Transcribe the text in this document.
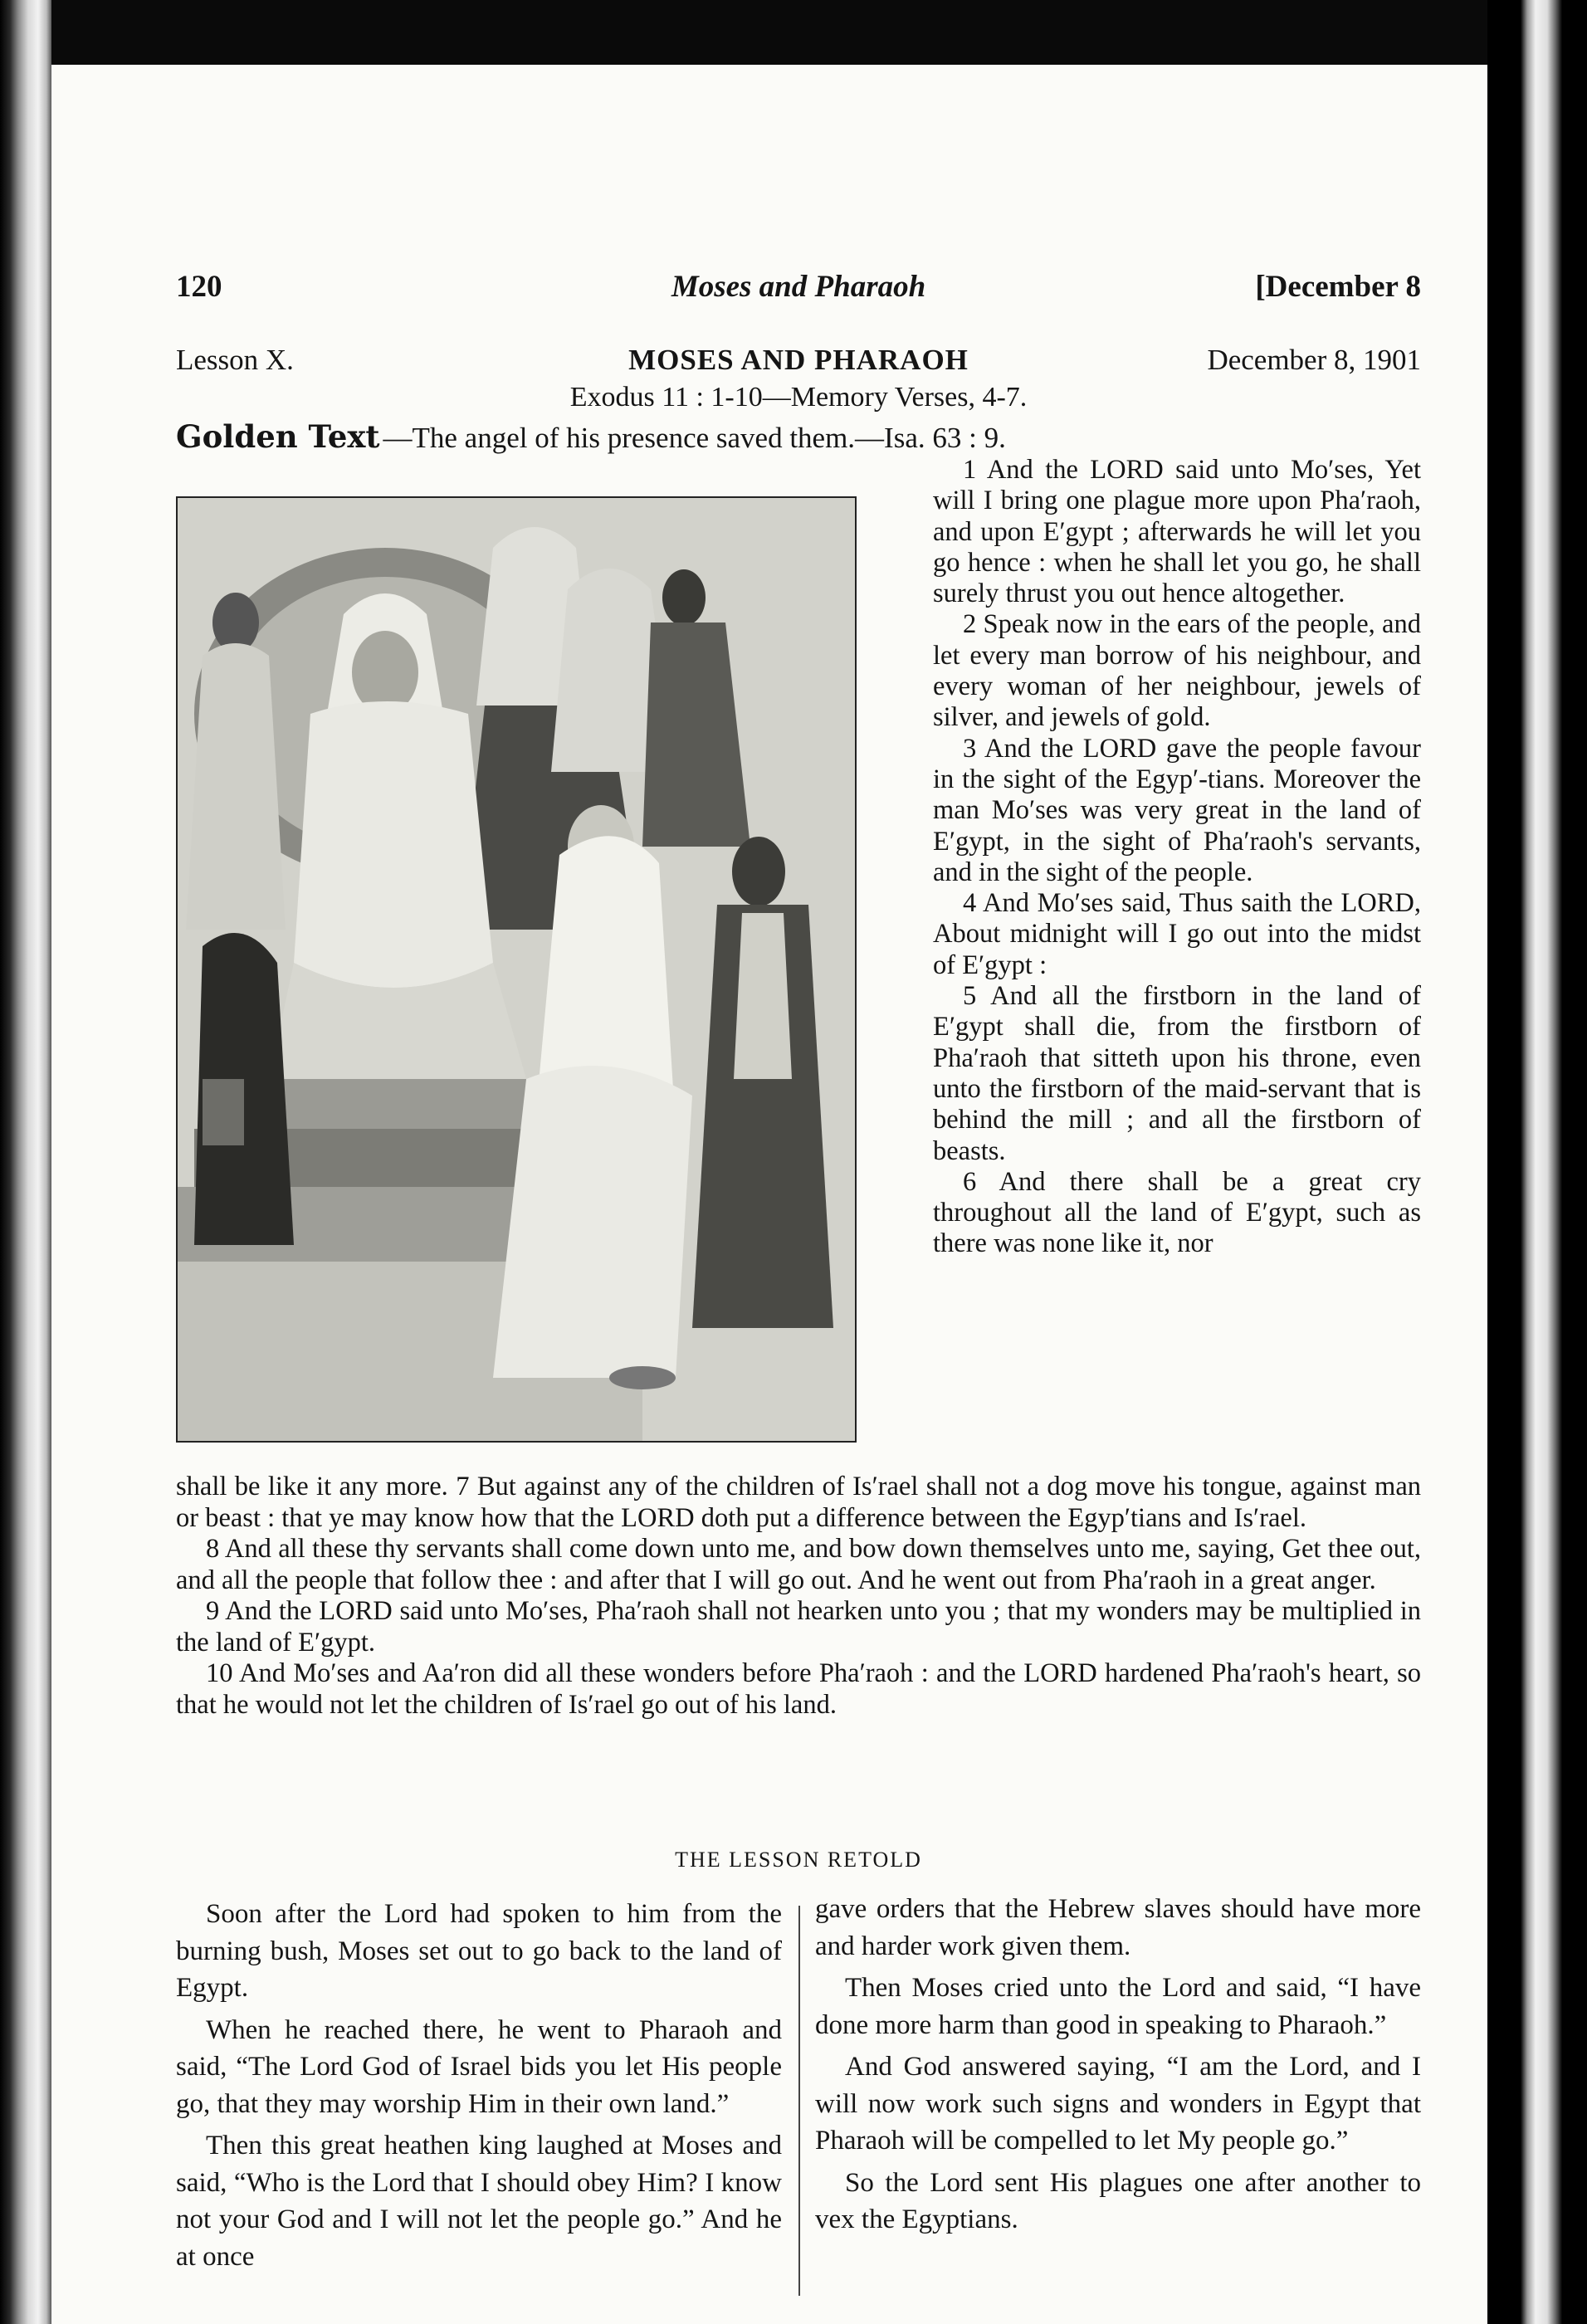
Moses and Pharaoh
120	[December 8
MOSES AND PHARAOH
Lesson X.	December 8, 1901
Exodus 11 : 1-10—Memory Verses, 4-7.
Golden Text —The angel of his presence saved them.—Isa. 63 : 9.

1 And the LORD said unto Mo′ses, Yet will I bring one plague more upon Pha′raoh, and upon E′gypt ; afterwards he will let you go hence : when he shall let you go, he shall surely thrust you out hence altogether.

2 Speak now in the ears of the people, and let every man borrow of his neighbour, and every woman of her neighbour, jewels of silver, and jewels of gold.

3 And the LORD gave the people favour in the sight of the Egyp′-tians. Moreover the man Mo′ses was very great in the land of E′gypt, in the sight of Pha′raoh's servants, and in the sight of the people.

4 And Mo′ses said, Thus saith the LORD, About midnight will I go out into the midst of E′gypt :

5 And all the firstborn in the land of E′gypt shall die, from the firstborn of Pha′raoh that sitteth upon his throne, even unto the firstborn of the maid-servant that is behind the mill ; and all the firstborn of beasts.

6 And there shall be a great cry throughout all the land of E′gypt, such as there was none like it, nor

shall be like it any more. 7 But against any of the children of Is′rael shall not a dog move his tongue, against man or beast : that ye may know how that the LORD doth put a difference between the Egyp′tians and Is′rael.

8 And all these thy servants shall come down unto me, and bow down themselves unto me, saying, Get thee out, and all the people that follow thee : and after that I will go out. And he went out from Pha′raoh in a great anger.

9 And the LORD said unto Mo′ses, Pha′raoh shall not hearken unto you ; that my wonders may be multiplied in the land of E′gypt.

10 And Mo′ses and Aa′ron did all these wonders before Pha′raoh : and the LORD hardened Pha′raoh's heart, so that he would not let the children of Is′rael go out of his land.

THE LESSON RETOLD

Soon after the Lord had spoken to him from the burning bush, Moses set out to go back to the land of Egypt.

When he reached there, he went to Pharaoh and said, “The Lord God of Israel bids you let His people go, that they may worship Him in their own land.”

Then this great heathen king laughed at Moses and said, “Who is the Lord that I should obey Him? I know not your God and I will not let the people go.” And he at once

gave orders that the Hebrew slaves should have more and harder work given them.

Then Moses cried unto the Lord and said, “I have done more harm than good in speaking to Pharaoh.”

And God answered saying, “I am the Lord, and I will now work such signs and wonders in Egypt that Pharaoh will be compelled to let My people go.”

So the Lord sent His plagues one after another to vex the Egyptians.
